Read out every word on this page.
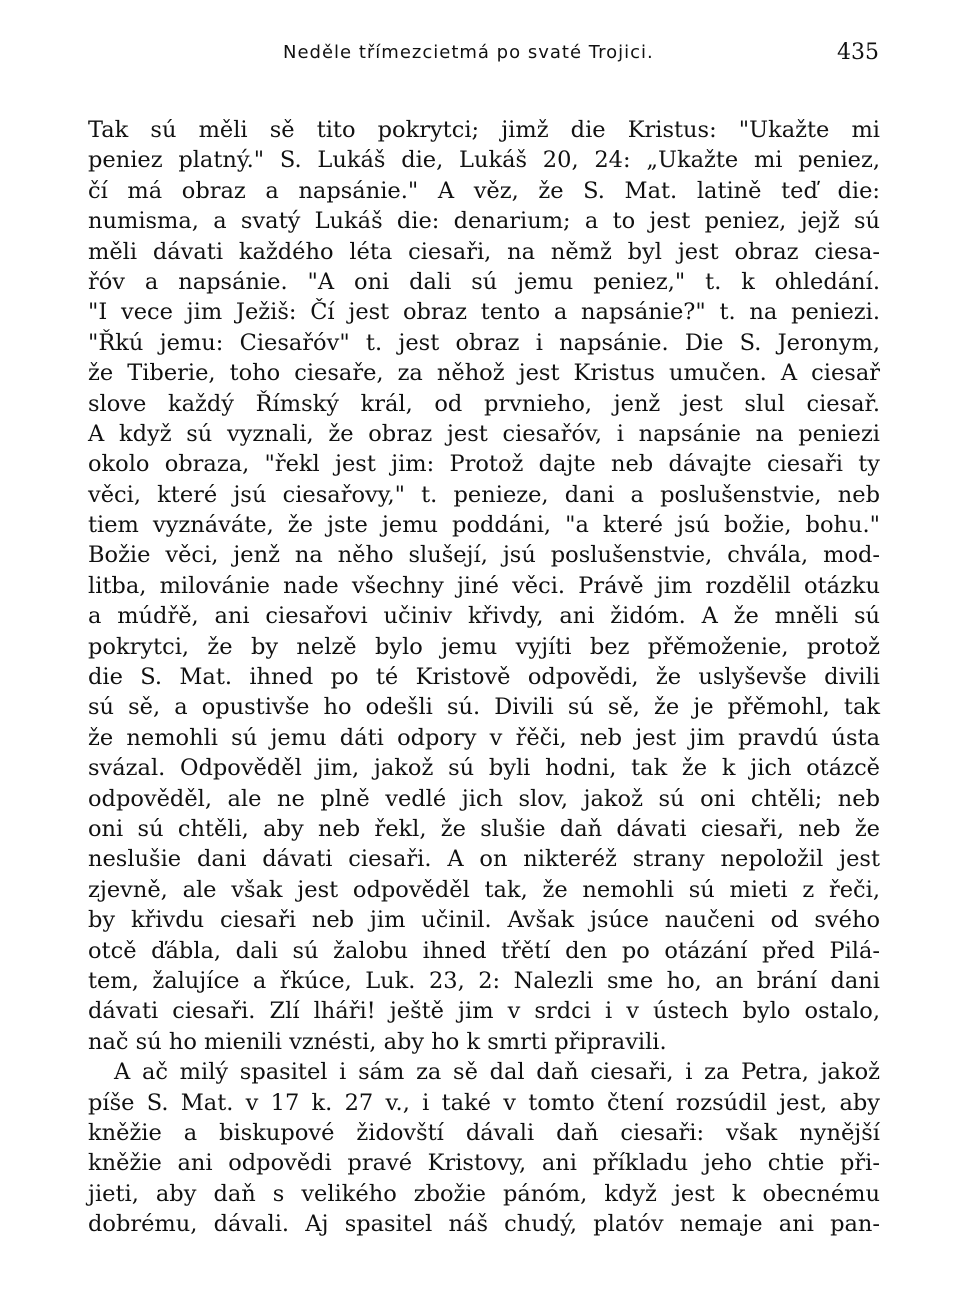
Neděle třímezcietmá po svaté Trojici.	435
Tak sú měli sě tito pokrytci; jimž die Kristus: "Ukažte mi
peniez platný." S. Lukáš die, Lukáš 20, 24: „Ukažte mi peniez,
čí má obraz a napsánie." A věz, že S. Mat. latině teď die:
numisma, a svatý Lukáš die: denarium; a to jest peniez, jejž sú
měli dávati každého léta ciesaři, na němž byl jest obraz ciesa-
řóv a napsánie. "A oni dali sú jemu peniez," t. k ohledání.
"I vece jim Ježiš: Čí jest obraz tento a napsánie?" t. na peniezi.
"Řkú jemu: Ciesařóv" t. jest obraz i napsánie. Die S. Jeronym,
že Tiberie, toho ciesaře, za něhož jest Kristus umučen. A ciesař
slove každý Římský král, od prvnieho, jenž jest slul ciesař.
A když sú vyznali, že obraz jest ciesařóv, i napsánie na peniezi
okolo obraza, "řekl jest jim: Protož dajte neb dávajte ciesaři ty
věci, které jsú ciesařovy," t. penieze, dani a poslušenstvie, neb
tiem vyznáváte, že jste jemu poddáni, "a které jsú božie, bohu."
Božie věci, jenž na něho slušejí, jsú poslušenstvie, chvála, mod-
litba, milovánie nade všechny jiné věci. Právě jim rozdělil otázku
a múdřě, ani ciesařovi učiniv křivdy, ani židóm. A že mněli sú
pokrytci, že by nelzě bylo jemu vyjíti bez přěmoženie, protož
die S. Mat. ihned po té Kristově odpovědi, že uslyševše divili
sú sě, a opustivše ho odešli sú. Divili sú sě, že je přěmohl, tak
že nemohli sú jemu dáti odpory v řěči, neb jest jim pravdú ústa
svázal. Odpověděl jim, jakož sú byli hodni, tak že k jich otázcě
odpověděl, ale ne plně vedlé jich slov, jakož sú oni chtěli; neb
oni sú chtěli, aby neb řekl, že slušie daň dávati ciesaři, neb že
neslušie dani dávati ciesaři. A on nikteréž strany nepoložil jest
zjevně, ale však jest odpověděl tak, že nemohli sú mieti z řeči,
by křivdu ciesaři neb jim učinil. Avšak jsúce naučeni od svého
otcě ďábla, dali sú žalobu ihned třětí den po otázání před Pilá-
tem, žalujíce a řkúce, Luk. 23, 2: Nalezli sme ho, an brání dani
dávati ciesaři. Zlí lháři! ještě jim v srdci i v ústech bylo ostalo,
nač sú ho mienili vznésti, aby ho k smrti připravili.
A ač milý spasitel i sám za sě dal daň ciesaři, i za Petra, jakož
píše S. Mat. v 17 k. 27 v., i také v tomto čtení rozsúdil jest, aby
kněžie a biskupové židovští dávali daň ciesaři: však nynější
kněžie ani odpovědi pravé Kristovy, ani příkladu jeho chtie při-
jieti, aby daň s velikého zbožie pánóm, když jest k obecnému
dobrému, dávali. Aj spasitel náš chudý, platóv nemaje ani pan-
